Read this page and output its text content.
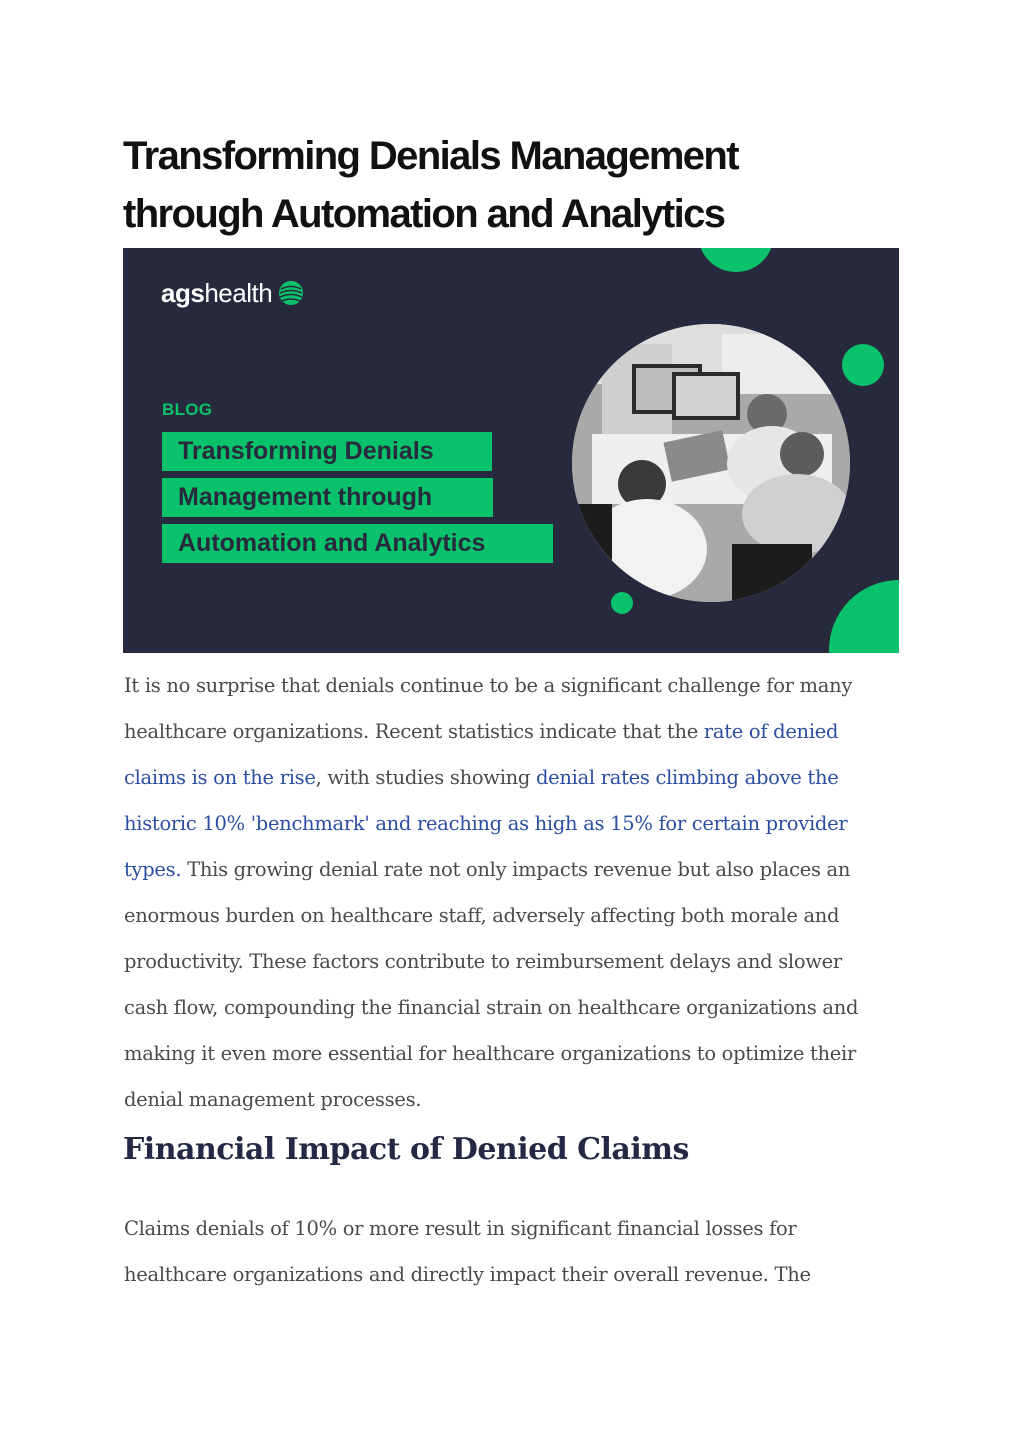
Transforming Denials Management
through Automation and Analytics
ags health
BLOG
Transforming Denials
Management through
Automation and Analytics

It is no surprise that denials continue to be a significant challenge for many healthcare organizations. Recent statistics indicate that the rate of denied claims is on the rise, with studies showing denial rates climbing above the historic 10% 'benchmark' and reaching as high as 15% for certain provider types. This growing denial rate not only impacts revenue but also places an enormous burden on healthcare staff, adversely affecting both morale and productivity. These factors contribute to reimbursement delays and slower cash flow, compounding the financial strain on healthcare organizations and making it even more essential for healthcare organizations to optimize their denial management processes.

Financial Impact of Denied Claims

Claims denials of 10% or more result in significant financial losses for healthcare organizations and directly impact their overall revenue. The
